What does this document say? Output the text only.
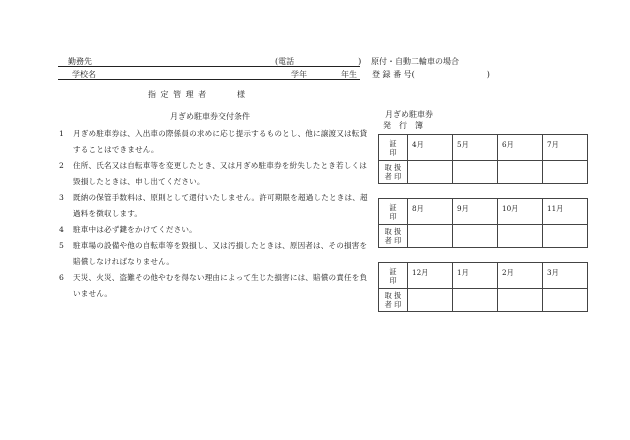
勤務先	(電話　　　　　　　　) 原付・自動二輪車の場合
学校名	学年	年生 登 録 番 号(　　　　　　　　　)
指 定 管 理 者	様
月ぎめ駐車券交付条件
1	月ぎめ駐車券は、入出車の際係員の求めに応じ提示するものとし、他に譲渡又は転貸することはできません。
2	住所、氏名又は自転車等を変更したとき、又は月ぎめ駐車券を紛失したとき若しくは毀損したときは、申し出てください。
3	既納の保管手数料は、原則として還付いたしません。許可期限を超過したときは、超過料を徴収します。
4	駐車中は必ず鍵をかけてください。
5	駐車場の設備や他の自転車等を毀損し、又は汚損したときは、原因者は、その損害を賠償しなければなりません。
6	天災、火災、盗難その他やむを得ない理由によって生じた損害には、賠償の責任を負いません。
月ぎめ駐車券
発　行　簿
証
印	4月	5月	6月	7月
取 扱
者 印				
証
印	8月	9月	10月	11月
取 扱
者 印				
証
印	12月	1月	2月	3月
取 扱
者 印				
